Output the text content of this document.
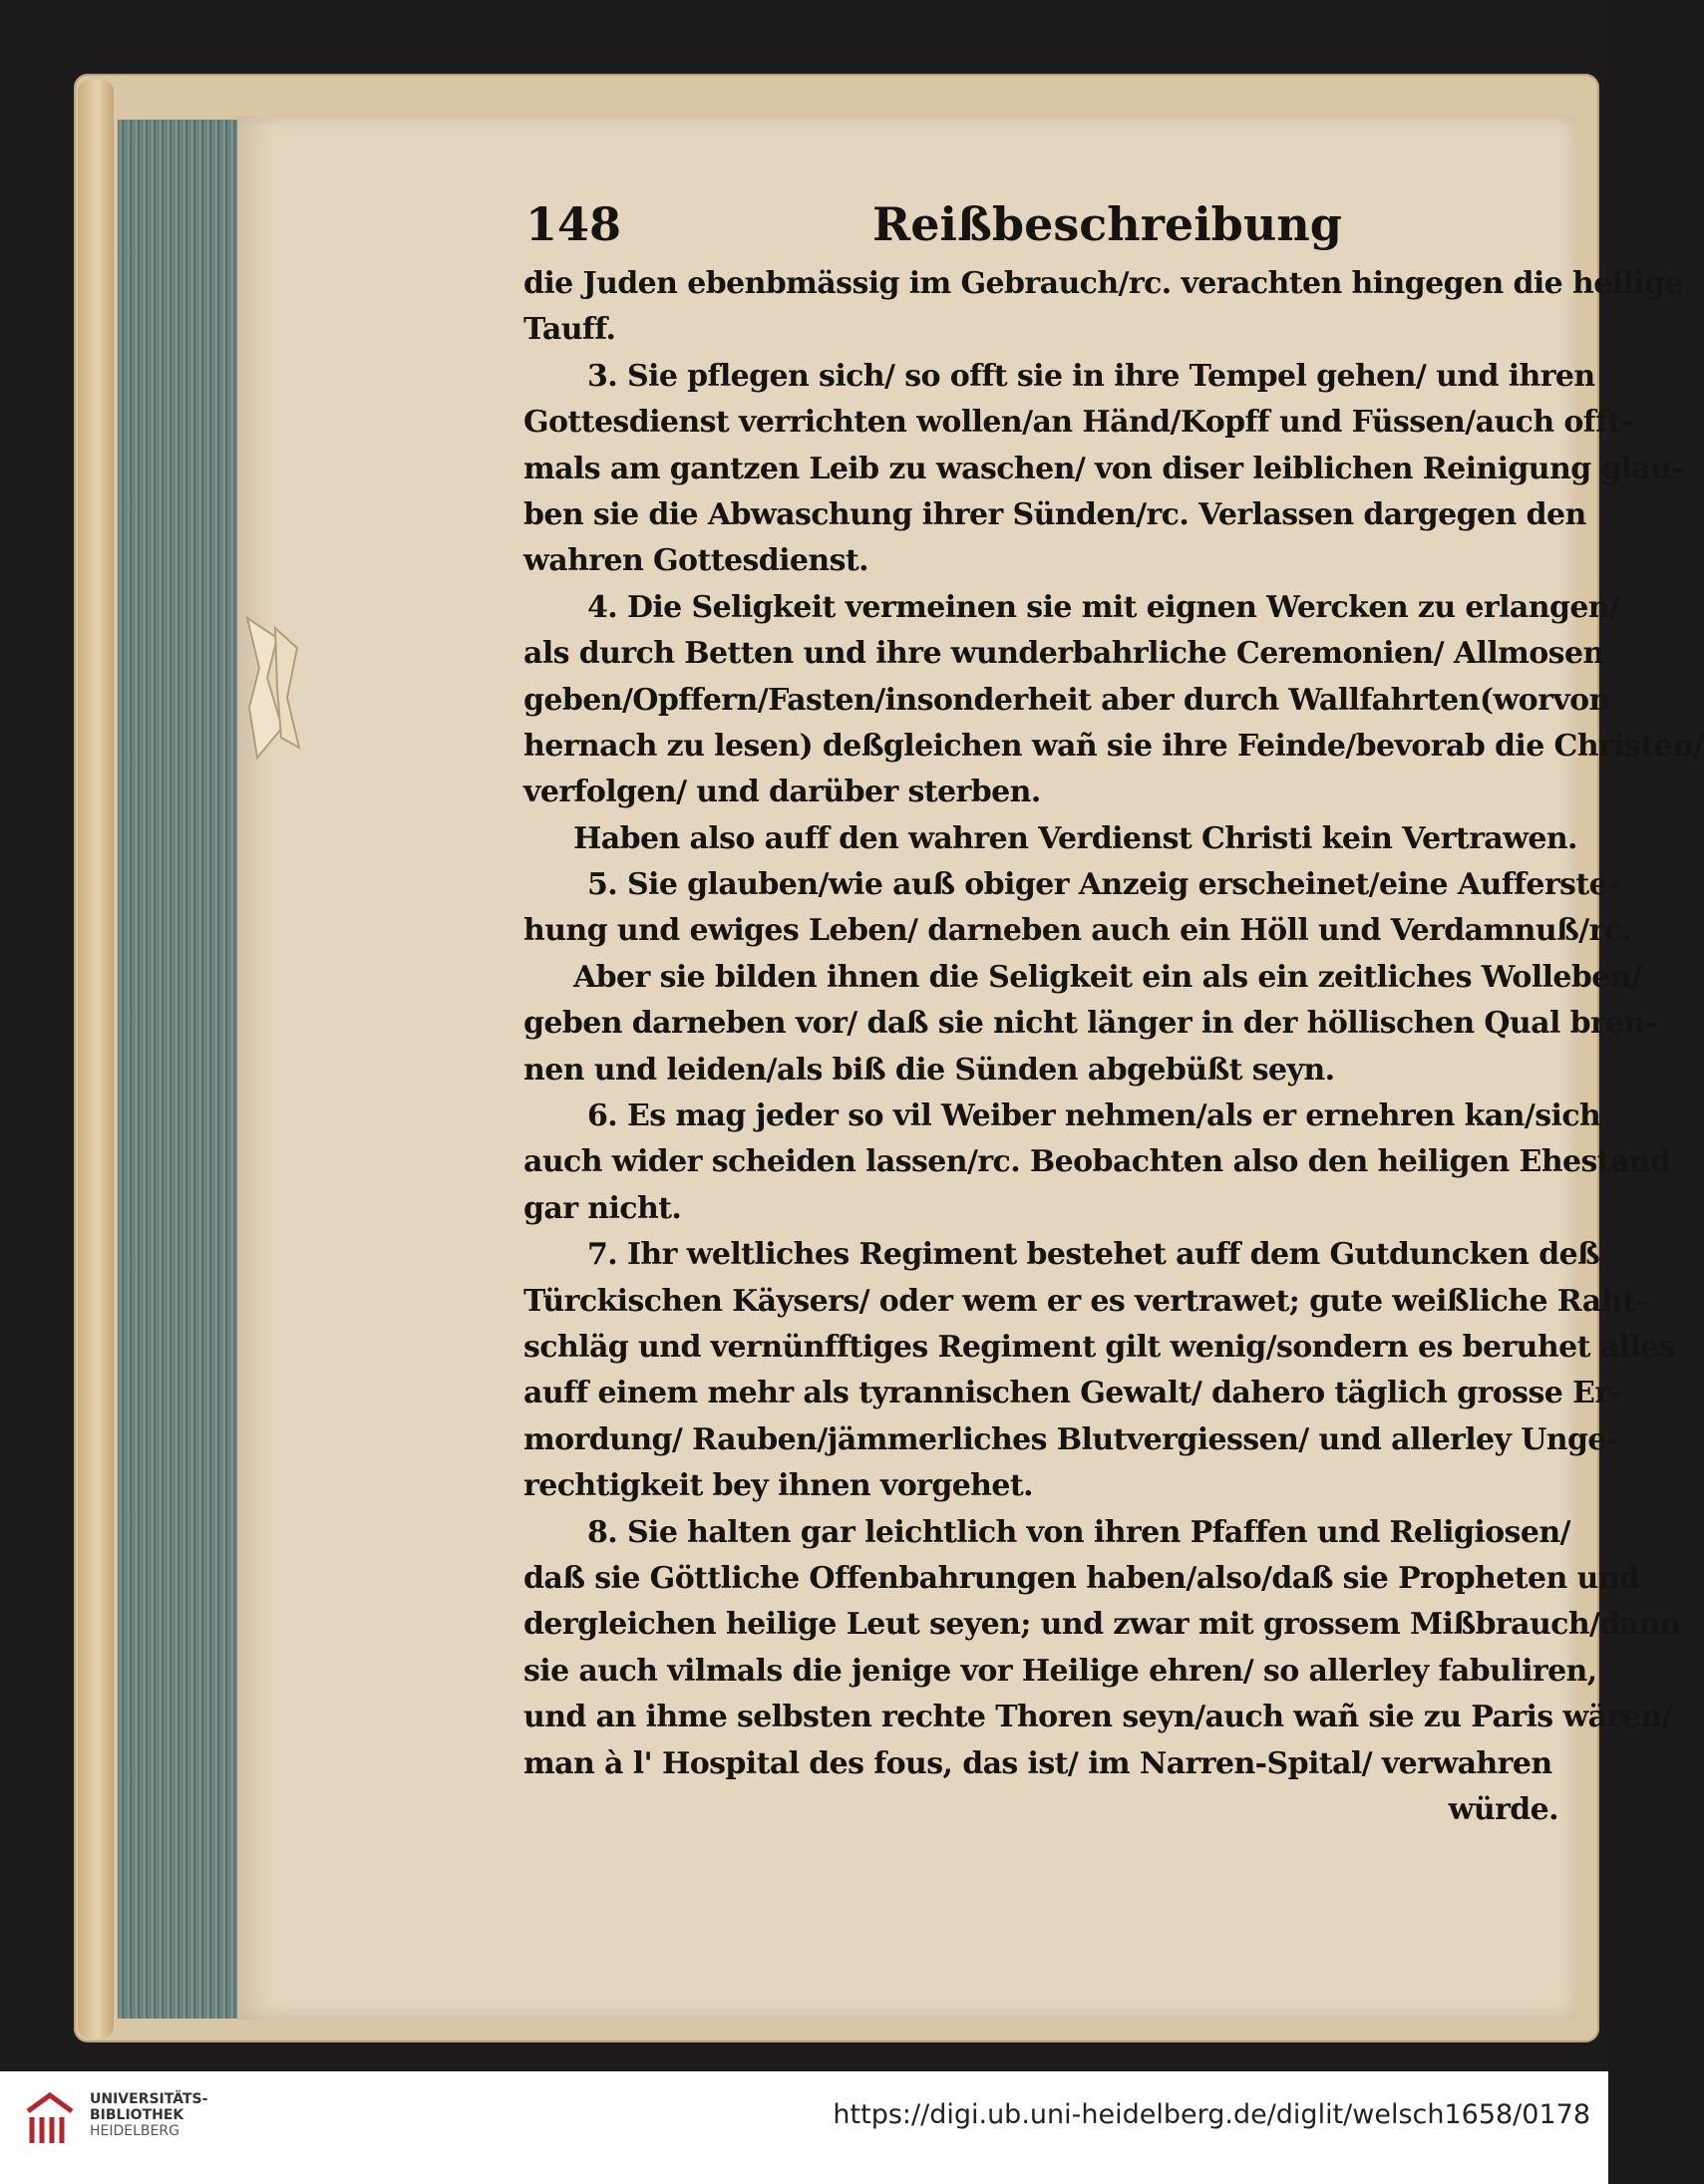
148	Reißbeschreibung
die Juden ebenbmässig im Gebrauch/rc. verachten hingegen die heilige
Tauff.
3. Sie pflegen sich/ so offt sie in ihre Tempel gehen/ und ihren
Gottesdienst verrichten wollen/an Händ/Kopff und Füssen/auch offt-
mals am gantzen Leib zu waschen/ von diser leiblichen Reinigung glau-
ben sie die Abwaschung ihrer Sünden/rc. Verlassen dargegen den
wahren Gottesdienst.
4. Die Seligkeit vermeinen sie mit eignen Wercken zu erlangen/
als durch Betten und ihre wunderbahrliche Ceremonien/ Allmosen
geben/Opffern/Fasten/insonderheit aber durch Wallfahrten(worvon
hernach zu lesen) deßgleichen wañ sie ihre Feinde/bevorab die Christen/
verfolgen/ und darüber sterben.
Haben also auff den wahren Verdienst Christi kein Vertrawen.
5. Sie glauben/wie auß obiger Anzeig erscheinet/eine Aufferste-
hung und ewiges Leben/ darneben auch ein Höll und Verdamnuß/rc.
Aber sie bilden ihnen die Seligkeit ein als ein zeitliches Wolleben/
geben darneben vor/ daß sie nicht länger in der höllischen Qual bren-
nen und leiden/als biß die Sünden abgebüßt seyn.
6. Es mag jeder so vil Weiber nehmen/als er ernehren kan/sich
auch wider scheiden lassen/rc. Beobachten also den heiligen Ehestand
gar nicht.
7. Ihr weltliches Regiment bestehet auff dem Gutduncken deß
Türckischen Käysers/ oder wem er es vertrawet; gute weißliche Raht-
schläg und vernünfftiges Regiment gilt wenig/sondern es beruhet alles
auff einem mehr als tyrannischen Gewalt/ dahero täglich grosse Er-
mordung/ Rauben/jämmerliches Blutvergiessen/ und allerley Unge-
rechtigkeit bey ihnen vorgehet.
8. Sie halten gar leichtlich von ihren Pfaffen und Religiosen/
daß sie Göttliche Offenbahrungen haben/also/daß sie Propheten und
dergleichen heilige Leut seyen; und zwar mit grossem Mißbrauch/dann
sie auch vilmals die jenige vor Heilige ehren/ so allerley fabuliren,
und an ihme selbsten rechte Thoren seyn/auch wañ sie zu Paris wären/
man à l' Hospital des fous, das ist/ im Narren-Spital/ verwahren
würde.
UNIVERSITÄTS-
BIBLIOTHEK
HEIDELBERG
https://digi.ub.uni-heidelberg.de/diglit/welsch1658/0178
